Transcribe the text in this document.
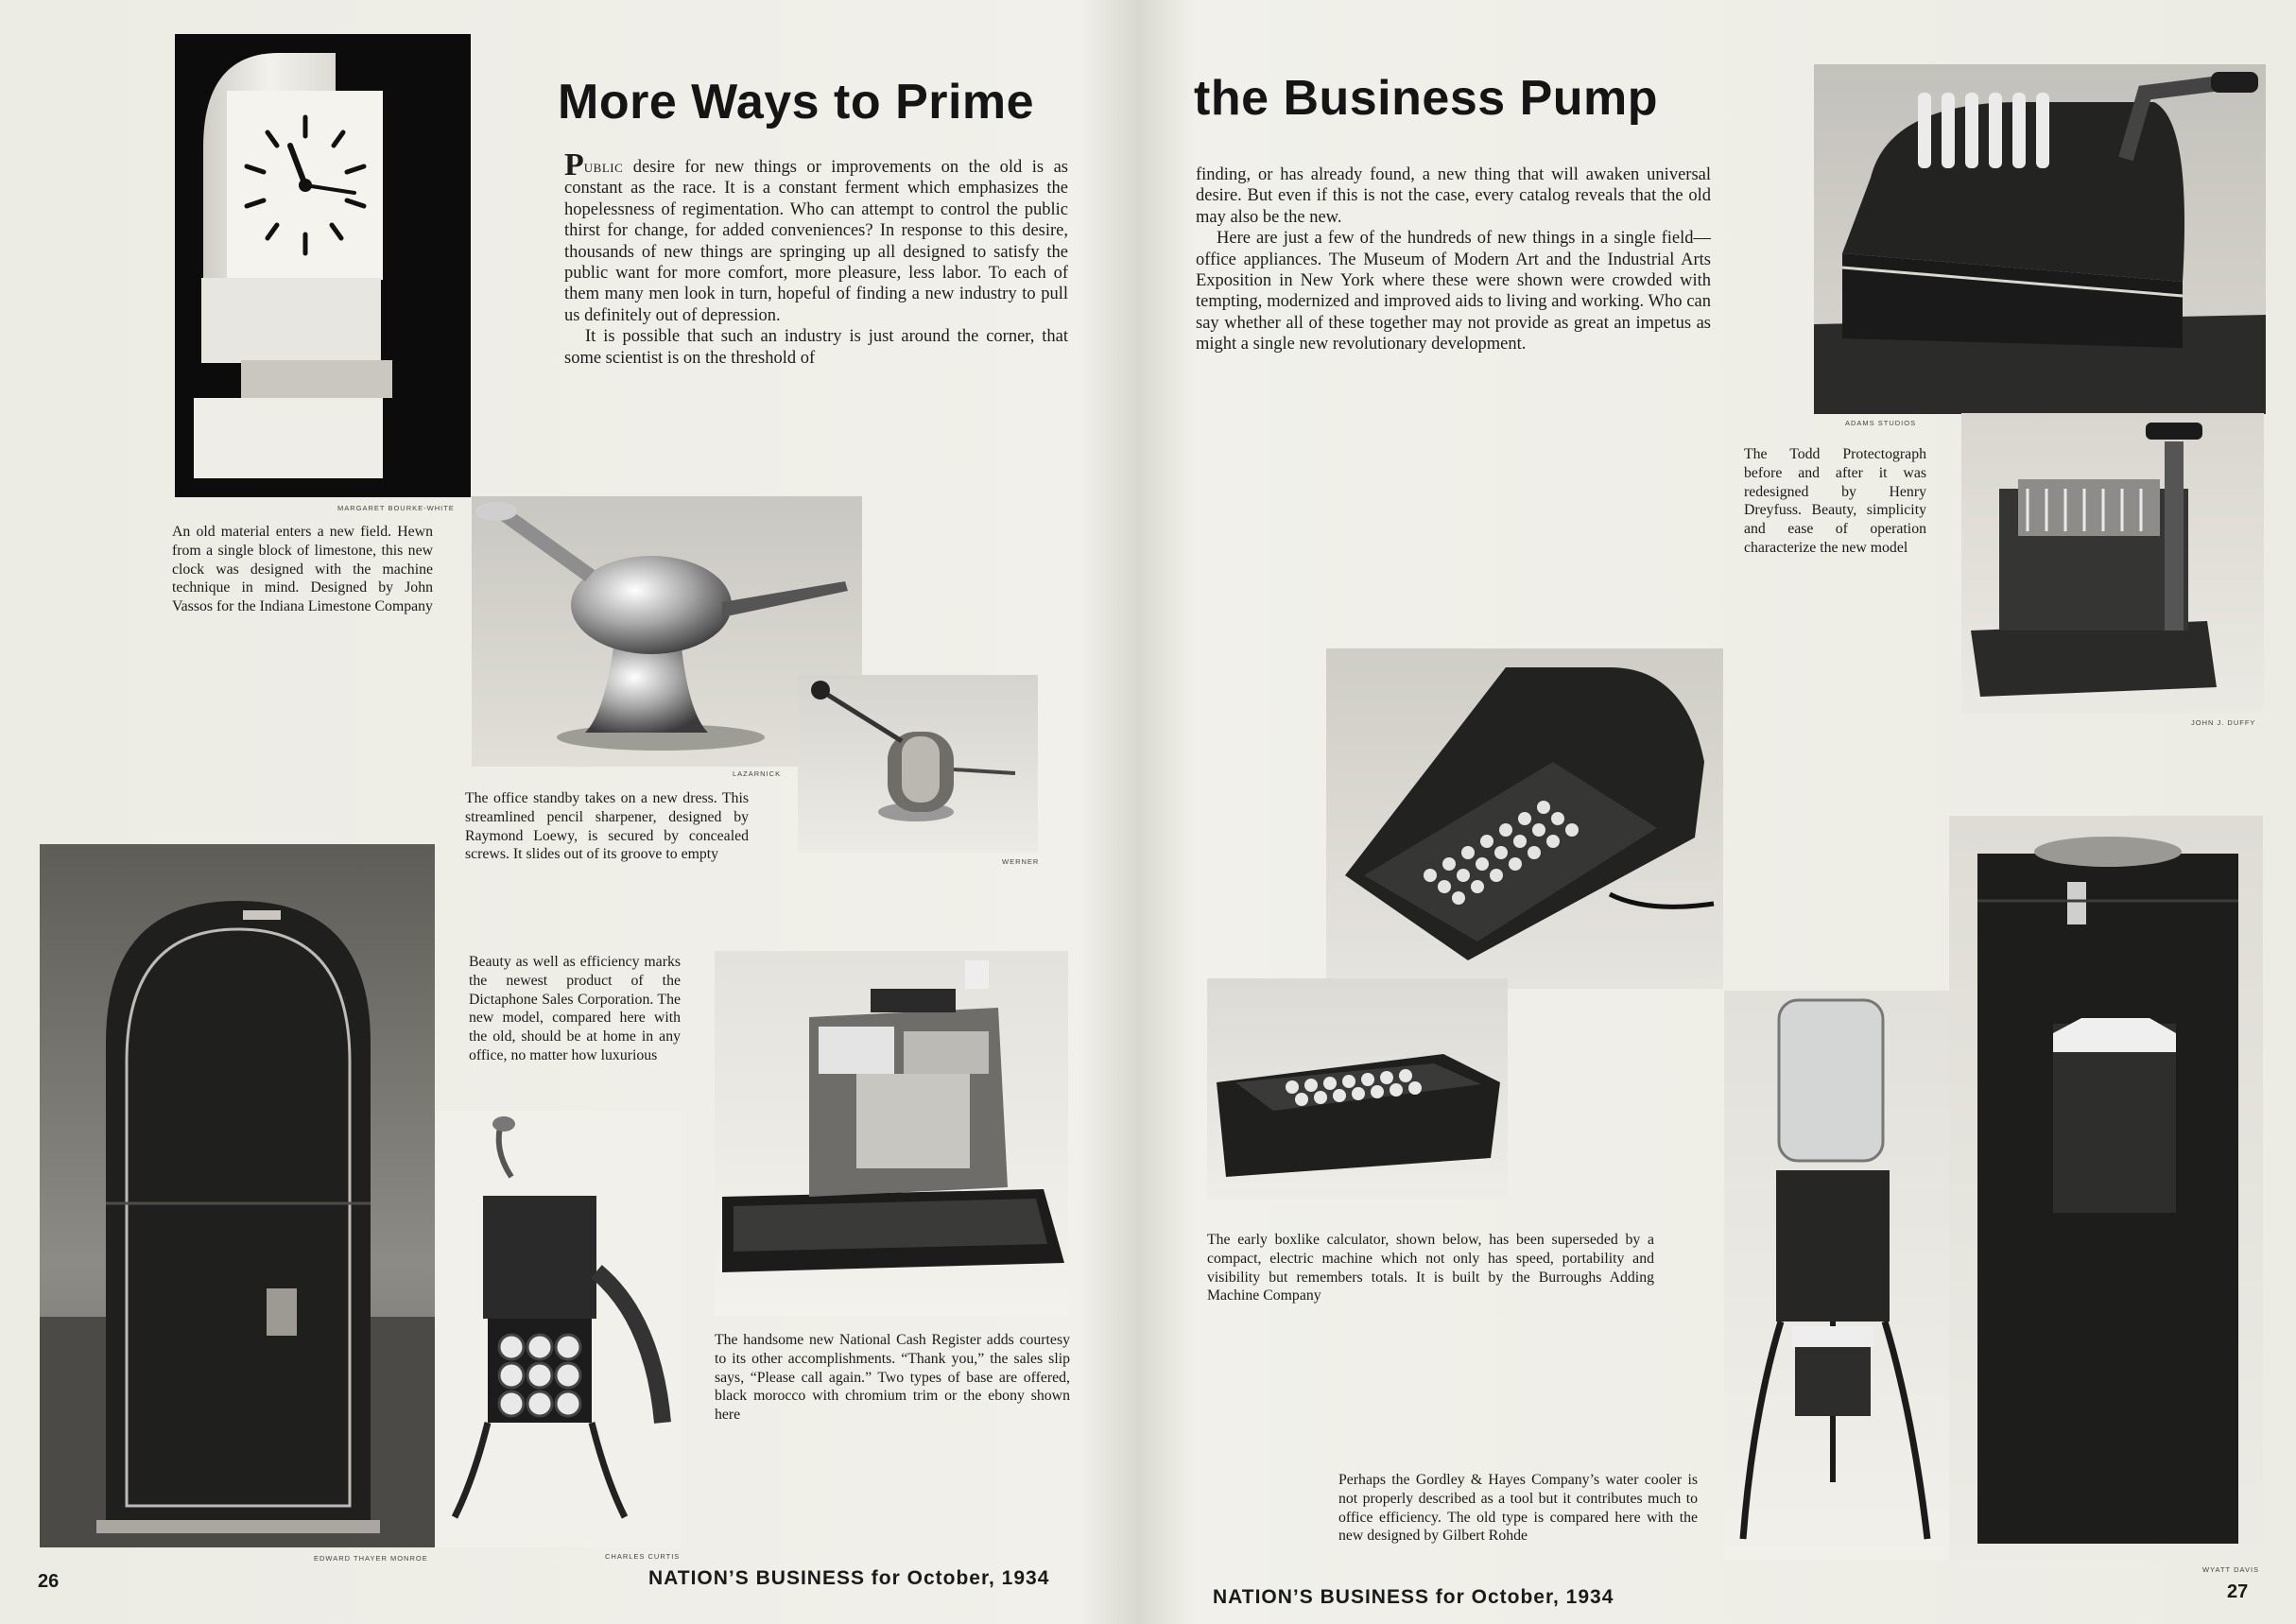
More Ways to Prime	the Business Pump

Public desire for new things or improvements on the old is as constant as the race. It is a constant ferment which emphasizes the hopelessness of regimentation. Who can attempt to control the public thirst for change, for added conveniences? In response to this desire, thousands of new things are springing up all designed to satisfy the public want for more comfort, more pleasure, less labor. To each of them many men look in turn, hopeful of finding a new industry to pull us definitely out of depression.

It is possible that such an industry is just around the corner, that some scientist is on the threshold of

finding, or has already found, a new thing that will awaken universal desire. But even if this is not the case, every catalog reveals that the old may also be the new.

Here are just a few of the hundreds of new things in a single field—office appliances. The Museum of Modern Art and the Industrial Arts Exposition in New York where these were shown were crowded with tempting, modernized and improved aids to living and working. Who can say whether all of these together may not provide as great an impetus as might a single new revolutionary development.

MARGARET BOURKE-WHITE
An old material enters a new field. Hewn from a single block of limestone, this new clock was designed with the machine technique in mind. Designed by John Vassos for the Indiana Limestone Company
LAZARNICK
The office standby takes on a new dress. This streamlined pencil sharpener, designed by Raymond Loewy, is secured by concealed screws. It slides out of its groove to empty	WERNER
EDWARD THAYER MONROE	CHARLES CURTIS
Beauty as well as efficiency marks the newest product of the Dictaphone Sales Corporation. The new model, compared here with the old, should be at home in any office, no matter how luxurious
The handsome new National Cash Register adds courtesy to its other accomplishments. “Thank you,” the sales slip says, “Please call again.” Two types of base are offered, black morocco with chromium trim or the ebony shown here
ADAMS STUDIOS
The Todd Protectograph before and after it was redesigned by Henry Dreyfuss. Beauty, simplicity and ease of operation characterize the new model
JOHN J. DUFFY
The early boxlike calculator, shown below, has been superseded by a compact, electric machine which not only has speed, portability and visibility but remembers totals. It is built by the Burroughs Adding Machine Company
WYATT DAVIS
Perhaps the Gordley & Hayes Company’s water cooler is not properly described as a tool but it contributes much to office efficiency. The old type is compared here with the new designed by Gilbert Rohde
26	NATION’S BUSINESS for October, 1934
NATION’S BUSINESS for October, 1934	27
